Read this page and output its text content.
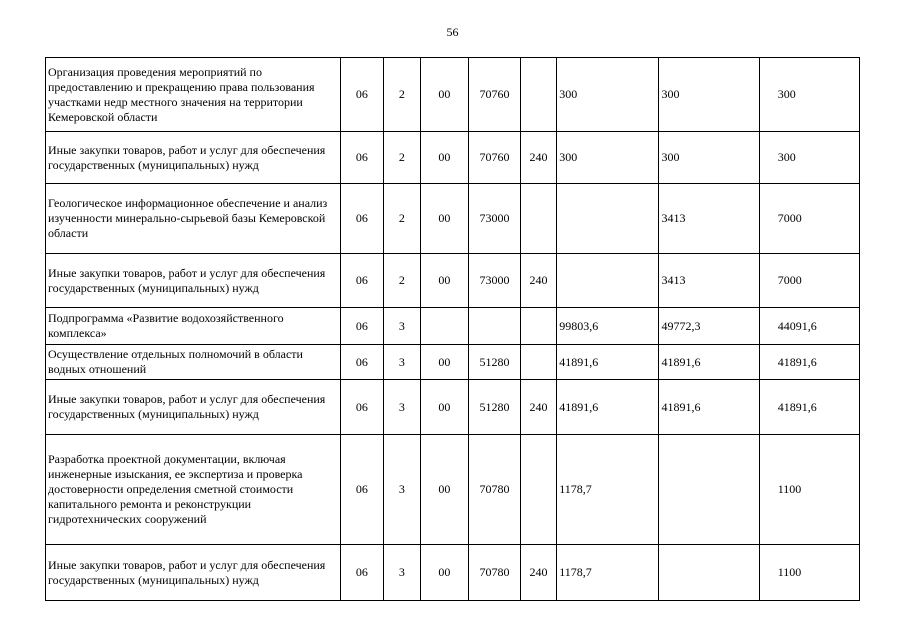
56
Организация проведения мероприятий по предоставлению и прекращению права пользования участками недр местного значения на территории Кемеровской области	06	2	00	70760		300	300	300
Иные закупки товаров, работ и услуг для обеспечения государственных (муниципальных) нужд	06	2	00	70760	240	300	300	300
Геологическое информационное обеспечение и анализ изученности минерально-сырьевой базы Кемеровской области	06	2	00	73000			3413	7000
Иные закупки товаров, работ и услуг для обеспечения государственных (муниципальных) нужд	06	2	00	73000	240		3413	7000
Подпрограмма «Развитие водохозяйственного комплекса»	06	3				99803,6	49772,3	44091,6
Осуществление отдельных полномочий в области водных отношений	06	3	00	51280		41891,6	41891,6	41891,6
Иные закупки товаров, работ и услуг для обеспечения государственных (муниципальных) нужд	06	3	00	51280	240	41891,6	41891,6	41891,6
Разработка проектной документации, включая инженерные изыскания, ее экспертиза и проверка достоверности определения сметной стоимости капитального ремонта и реконструкции гидротехнических сооружений	06	3	00	70780		1178,7		1100
Иные закупки товаров, работ и услуг для обеспечения государственных (муниципальных) нужд	06	3	00	70780	240	1178,7		1100
